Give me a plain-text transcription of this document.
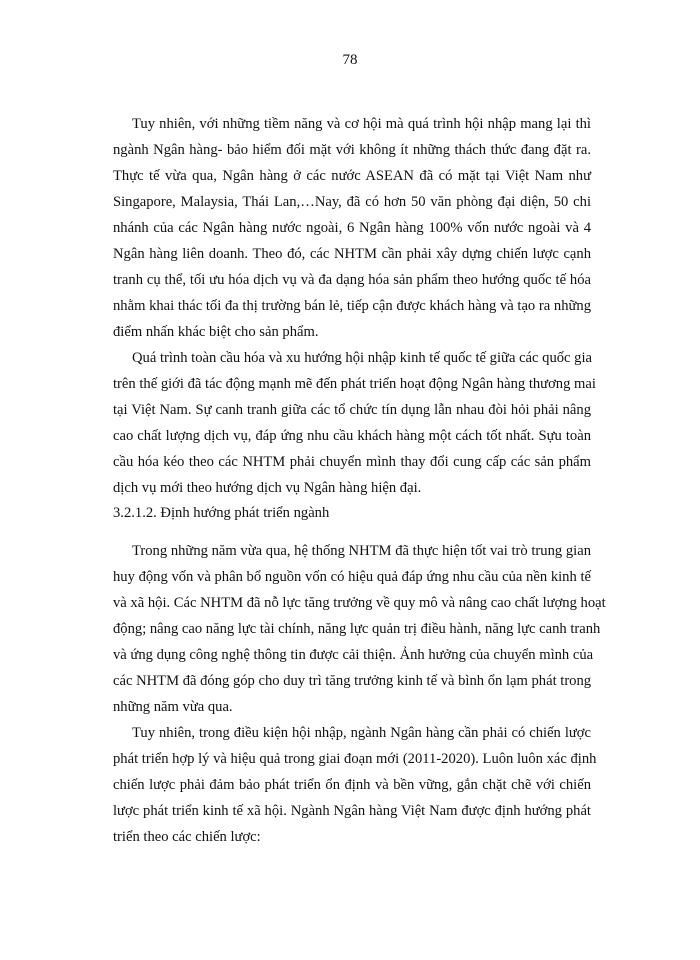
78
Tuy nhiên, với những tiềm năng và cơ hội mà quá trình hội nhập mang lại thì
ngành Ngân hàng- bảo hiểm đối mặt với không ít những thách thức đang đặt ra.
Thực tế vừa qua, Ngân hàng ở các nước ASEAN đã có mặt tại Việt Nam như
Singapore, Malaysia, Thái Lan,…Nay, đã có hơn 50 văn phòng đại diện, 50 chi
nhánh của các Ngân hàng nước ngoài, 6 Ngân hàng 100% vốn nước ngoài và 4
Ngân hàng liên doanh. Theo đó, các NHTM cần phải xây dựng chiến lược cạnh
tranh cụ thể, tối ưu hóa dịch vụ và đa dạng hóa sản phẩm theo hướng quốc tế hóa
nhằm khai thác tối đa thị trường bán lẻ, tiếp cận được khách hàng và tạo ra những
điểm nhấn khác biệt cho sản phẩm.
Quá trình toàn cầu hóa và xu hướng hội nhập kinh tế quốc tế giữa các quốc gia
trên thế giới đã tác động mạnh mẽ đến phát triển hoạt động Ngân hàng thương mai
tại Việt Nam. Sự canh tranh giữa các tổ chức tín dụng lẫn nhau đòi hỏi phải nâng
cao chất lượng dịch vụ, đáp ứng nhu cầu khách hàng một cách tốt nhất. Sựu toàn
cầu hóa kéo theo các NHTM phải chuyển mình thay đổi cung cấp các sản phẩm
dịch vụ mới theo hướng dịch vụ Ngân hàng hiện đại.
3.2.1.2. Định hướng phát triển ngành
Trong những năm vừa qua, hệ thống NHTM đã thực hiện tốt vai trò trung gian
huy động vốn và phân bổ nguồn vốn có hiệu quả đáp ứng nhu cầu của nền kinh tế
và xã hội. Các NHTM đã nỗ lực tăng trưởng về quy mô và nâng cao chất lượng hoạt
động; nâng cao năng lực tài chính, năng lực quản trị điều hành, năng lực canh tranh
và ứng dụng công nghệ thông tin được cải thiện. Ảnh hưởng của chuyển mình của
các NHTM đã đóng góp cho duy trì tăng trưởng kinh tế và bình ổn lạm phát trong
những năm vừa qua.
Tuy nhiên, trong điều kiện hội nhập, ngành Ngân hàng cần phải có chiến lược
phát triển hợp lý và hiệu quả trong giai đoạn mới (2011-2020). Luôn luôn xác định
chiến lược phải đảm bảo phát triển ổn định và bền vững, gắn chặt chẽ với chiến
lược phát triển kinh tế xã hội. Ngành Ngân hàng Việt Nam được định hướng phát
triển theo các chiến lược:
